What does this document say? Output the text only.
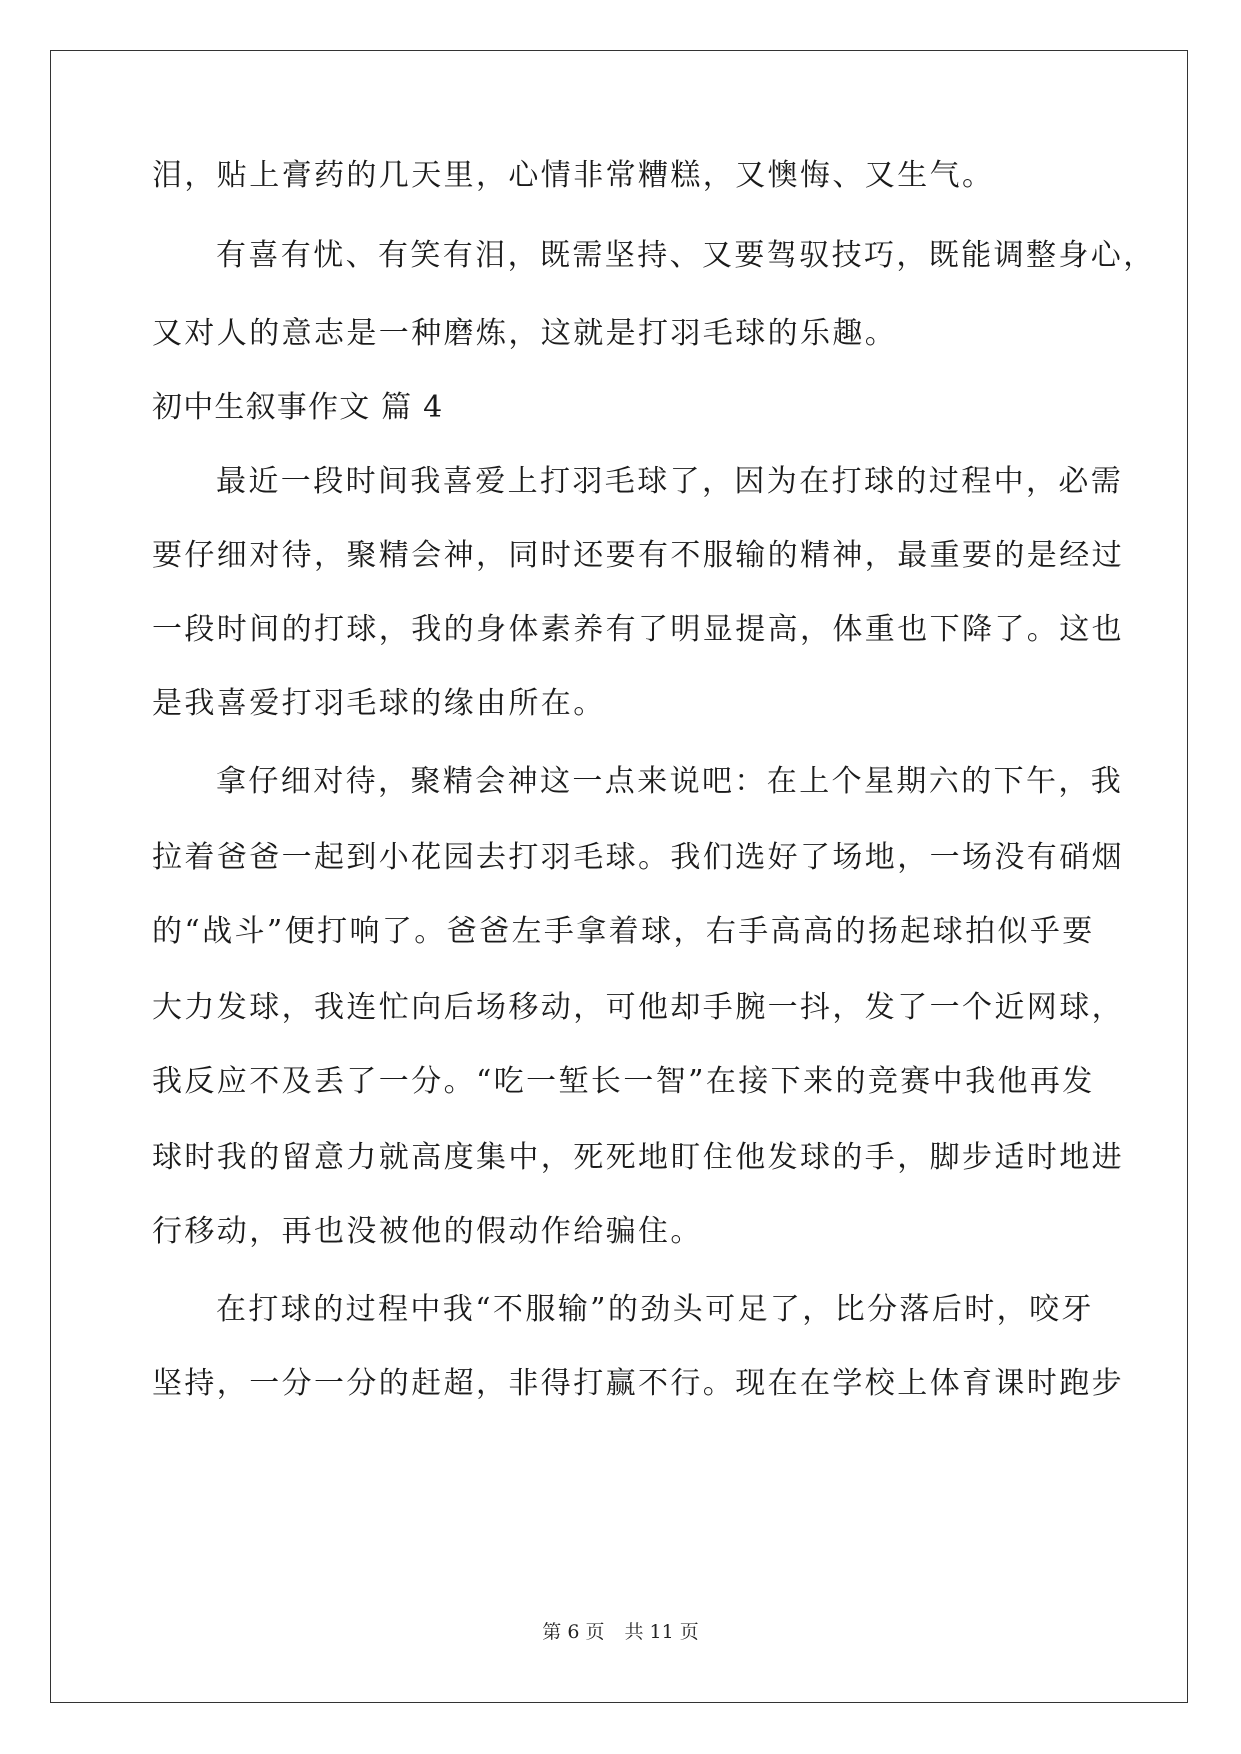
泪，贴上膏药的几天里，心情非常糟糕，又懊悔、又生气。
有喜有忧、有笑有泪，既需坚持、又要驾驭技巧，既能调整身心，
又对人的意志是一种磨炼，这就是打羽毛球的乐趣。
初中生叙事作文 篇 4
最近一段时间我喜爱上打羽毛球了，因为在打球的过程中，必需
要仔细对待，聚精会神，同时还要有不服输的精神，最重要的是经过
一段时间的打球，我的身体素养有了明显提高，体重也下降了。这也
是我喜爱打羽毛球的缘由所在。
拿仔细对待，聚精会神这一点来说吧：在上个星期六的下午，我
拉着爸爸一起到小花园去打羽毛球。我们选好了场地，一场没有硝烟
的“战斗”便打响了。爸爸左手拿着球，右手高高的扬起球拍似乎要
大力发球，我连忙向后场移动，可他却手腕一抖，发了一个近网球，
我反应不及丢了一分。“吃一堑长一智”在接下来的竞赛中我他再发
球时我的留意力就高度集中，死死地盯住他发球的手，脚步适时地进
行移动，再也没被他的假动作给骗住。
在打球的过程中我“不服输”的劲头可足了，比分落后时，咬牙
坚持，一分一分的赶超，非得打赢不行。现在在学校上体育课时跑步
第 6 页 共 11 页
